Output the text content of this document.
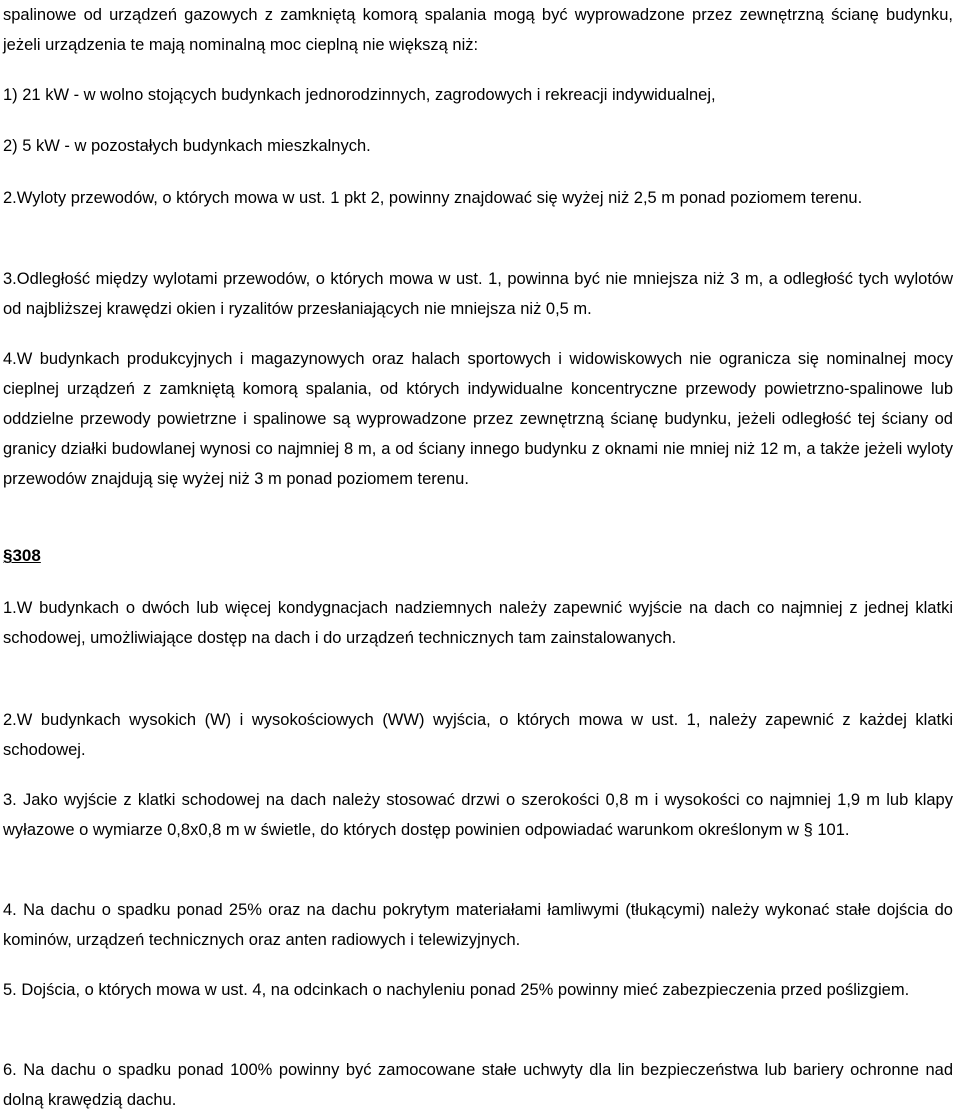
spalinowe od urządzeń gazowych z zamkniętą komorą spalania mogą być wyprowadzone przez zewnętrzną ścianę budynku, jeżeli urządzenia te mają nominalną moc cieplną nie większą niż:

1) 21 kW - w wolno stojących budynkach jednorodzinnych, zagrodowych i rekreacji indywidualnej,

2) 5 kW - w pozostałych budynkach mieszkalnych.

2.Wyloty przewodów, o których mowa w ust. 1 pkt 2, powinny znajdować się wyżej niż 2,5 m ponad poziomem terenu.

3.Odległość między wylotami przewodów, o których mowa w ust. 1, powinna być nie mniejsza niż 3 m, a odległość tych wylotów od najbliższej krawędzi okien i ryzalitów przesłaniających nie mniejsza niż 0,5 m.

4.W budynkach produkcyjnych i magazynowych oraz halach sportowych i widowiskowych nie ogranicza się nominalnej mocy cieplnej urządzeń z zamkniętą komorą spalania, od których indywidualne koncentryczne przewody powietrzno-spalinowe lub oddzielne przewody powietrzne i spalinowe są wyprowadzone przez zewnętrzną ścianę budynku, jeżeli odległość tej ściany od granicy działki budowlanej wynosi co najmniej 8 m, a od ściany innego budynku z oknami nie mniej niż 12 m, a także jeżeli wyloty przewodów znajdują się wyżej niż 3 m ponad poziomem terenu.

§308

1.W budynkach o dwóch lub więcej kondygnacjach nadziemnych należy zapewnić wyjście na dach co najmniej z jednej klatki schodowej, umożliwiające dostęp na dach i do urządzeń technicznych tam zainstalowanych.

2.W budynkach wysokich (W) i wysokościowych (WW) wyjścia, o których mowa w ust. 1, należy zapewnić z każdej klatki schodowej.

3. Jako wyjście z klatki schodowej na dach należy stosować drzwi o szerokości 0,8 m i wysokości co najmniej 1,9 m lub klapy wyłazowe o wymiarze 0,8x0,8 m w świetle, do których dostęp powinien odpowiadać warunkom określonym w § 101.

4. Na dachu o spadku ponad 25% oraz na dachu pokrytym materiałami łamliwymi (tłukącymi) należy wykonać stałe dojścia do kominów, urządzeń technicznych oraz anten radiowych i telewizyjnych.

5. Dojścia, o których mowa w ust. 4, na odcinkach o nachyleniu ponad 25% powinny mieć zabezpieczenia przed poślizgiem.

6. Na dachu o spadku ponad 100% powinny być zamocowane stałe uchwyty dla lin bezpieczeństwa lub bariery ochronne nad dolną krawędzią dachu.
